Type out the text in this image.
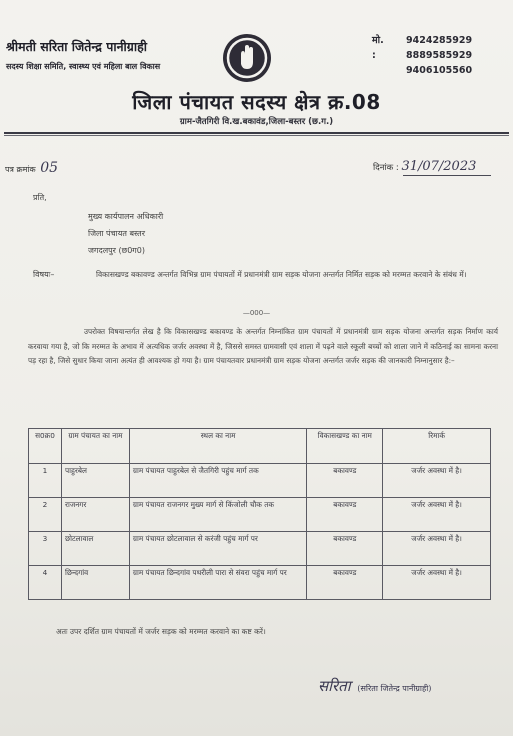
श्रीमती सरिता जितेन्द्र पानीग्राही
सदस्य शिक्षा समिति, स्वास्थ्य एवं महिला बाल विकास
मो. :
9424285929
8889585929
9406105560
जिला पंचायत सदस्य क्षेत्र क्र.08
ग्राम-जैतगिरी वि.ख.बकावंड,जिला-बस्तर (छ.ग.)
पत्र क्रमांक 05	दिनांक : 31/07/2023
प्रति,
मुख्य कार्यपालन अधिकारी
जिला पंचायत बस्तर
जगदलपुर (छ0ग0)
विषयः–	विकासखण्ड बकावण्ड अन्तर्गत विभिन्न ग्राम पंचायतों में प्रधानमंत्री ग्राम सड़क योजना अन्तर्गत निर्मित सड़क को मरम्मत करवाने के संबंध में।
—000—
उपरोक्त विषयान्तर्गत लेख है कि विकासखण्ड बकावण्ड के अन्तर्गत निम्नांकित ग्राम पंचायतों में प्रधानमंत्री ग्राम सड़क योजना अन्तर्गत सड़क निर्माण कार्य करवाया गया है, जो कि मरम्मत के अभाव में अत्यधिक जर्जर अवस्था में है, जिससे समस्त ग्रामवासी एवं शाला में पढ़ने वाले स्कूली बच्चों को शाला जाने में कठिनाई का सामना करना पड़ रहा है, जिसे सुधार किया जाना अत्यंत ही आवश्यक हो गया है। ग्राम पंचायतवार प्रधानमंत्री ग्राम सड़क योजना अन्तर्गत जर्जर सड़क की जानकारी निम्नानुसार है:–
स0क्र0	ग्राम पंचायत का नाम	स्थल का नाम	विकासखण्ड का नाम	रिमार्क
1	पाहुरबेल	ग्राम पंचायत पाहुरबेल से जैतगिरी पहुंच मार्ग तक	बकावण्ड	जर्जर अवस्था में है।
2	राजनगर	ग्राम पंचायत राजनगर मुख्य मार्ग से किंजोली चौक तक	बकावण्ड	जर्जर अवस्था में है।
3	छोटलावाल	ग्राम पंचायत छोटलावाल से करंजी पहुंच मार्ग पर	बकावण्ड	जर्जर अवस्था में है।
4	छिन्दगांव	ग्राम पंचायत छिन्दगांव पथरीली पारा से संवरा पहुंच मार्ग पर	बकावण्ड	जर्जर अवस्था में है।
अतः उपर दर्शित ग्राम पंचायतों में जर्जर सड़क को मरम्मत करवाने का कष्ट करें।
सरिता (सरिता जितेन्द्र पानीग्राही)
